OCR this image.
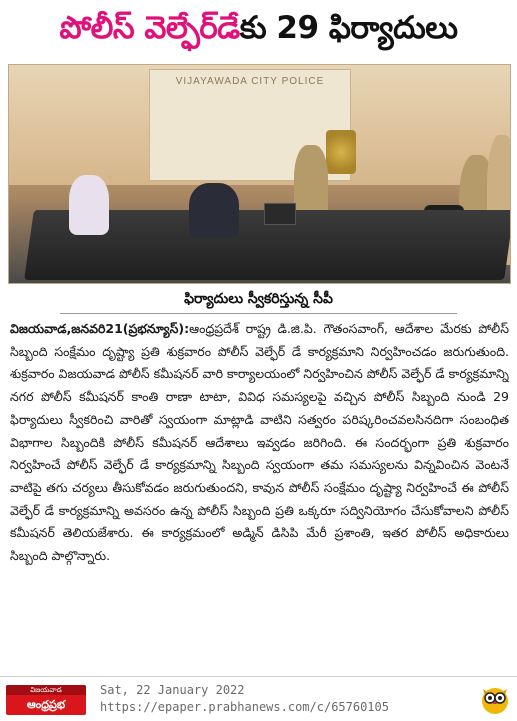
పోలీస్ వెల్ఫేర్‌డే కు 29 ఫిర్యాదులు
VIJAYAWADA CITY POLICE
ఫిర్యాదులు స్వీకరిస్తున్న సీపీ
విజయవాడ,జనవరి21(ప్రభన్యూస్):ఆంధ్రప్రదేశ్ రాష్ట్ర డి.జి.పి. గౌతంసవాంగ్, ఆదేశాల మేరకు పోలీస్ సిబ్బంది సంక్షేమం దృష్ట్యా ప్రతి శుక్రవారం పోలీస్ వెల్ఫేర్ డే కార్యక్రమాని నిర్వహించడం జరుగుతుంది. శుక్రవారం విజయవాడ పోలీస్ కమీషనర్ వారి కార్యాలయంలో నిర్వహించిన పోలీస్ వెల్ఫేర్ డే కార్యక్రమాన్ని నగర పోలీస్ కమీషనర్ కాంతి రాణా టాటా, వివిధ సమస్యలపై వచ్చిన పోలీస్ సిబ్బంది నుండి 29 ఫిర్యాదులు స్వీకరించి వారితో స్వయంగా మాట్లాడి వాటిని సత్వరం పరిష్కరించవలసినదిగా సంబంధిత విభాగాల సిబ్బందికి పోలీస్ కమీషనర్ ఆదేశాలు ఇవ్వడం జరిగింది. ఈ సందర్భంగా ప్రతి శుక్రవారం నిర్వహించే పోలీస్ వెల్ఫేర్ డే కార్యక్రమాన్ని సిబ్బంది స్వయంగా తమ సమస్యలను విన్నవించిన వెంటనే వాటిపై తగు చర్యలు తీసుకోవడం జరుగుతుందని, కావున పోలీస్ సంక్షేమం దృష్ట్యా నిర్వహించే ఈ పోలీస్ వెల్ఫేర్ డే కార్యక్రమాన్ని అవసరం ఉన్న పోలీస్ సిబ్బంది ప్రతి ఒక్కరూ సద్వినియోగం చేసుకోవాలని పోలీస్ కమీషనర్ తెలియజేశారు. ఈ కార్యక్రమంలో అడ్మిన్ డిసిపి మేరీ ప్రశాంతి, ఇతర పోలీస్ అధికారులు సిబ్బంది పాల్గొన్నారు.
విజయవాడ
ఆంధ్రప్రభ
Sat, 22 January 2022
https://epaper.prabhanews.com/c/65760105
